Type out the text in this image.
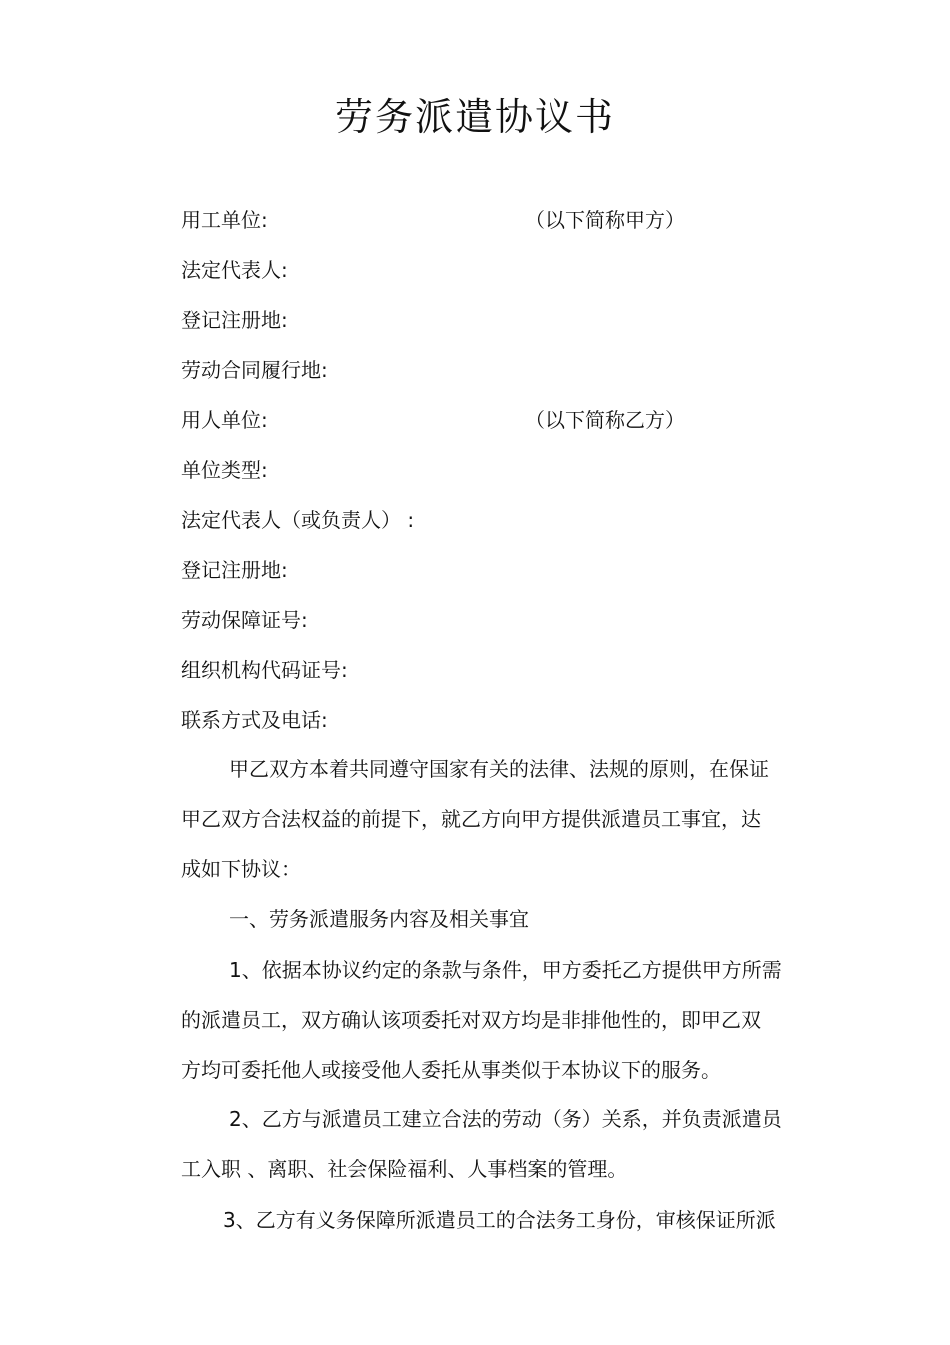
劳务派遣协议书
用工单位:	（以下简称甲方）
法定代表人:
登记注册地:
劳动合同履行地:
用人单位:	（以下简称乙方）
单位类型:
法定代表人（或负责人） :
登记注册地:
劳动保障证号:
组织机构代码证号:
联系方式及电话:
甲乙双方本着共同遵守国家有关的法律、法规的原则，在保证
甲乙双方合法权益的前提下，就乙方向甲方提供派遣员工事宜，达
成如下协议：
一、劳务派遣服务内容及相关事宜
1、依据本协议约定的条款与条件，甲方委托乙方提供甲方所需
的派遣员工，双方确认该项委托对双方均是非排他性的，即甲乙双
方均可委托他人或接受他人委托从事类似于本协议下的服务。
2、乙方与派遣员工建立合法的劳动（务）关系，并负责派遣员
工入职 、离职、社会保险福利、人事档案的管理。
3、乙方有义务保障所派遣员工的合法务工身份，审核保证所派
